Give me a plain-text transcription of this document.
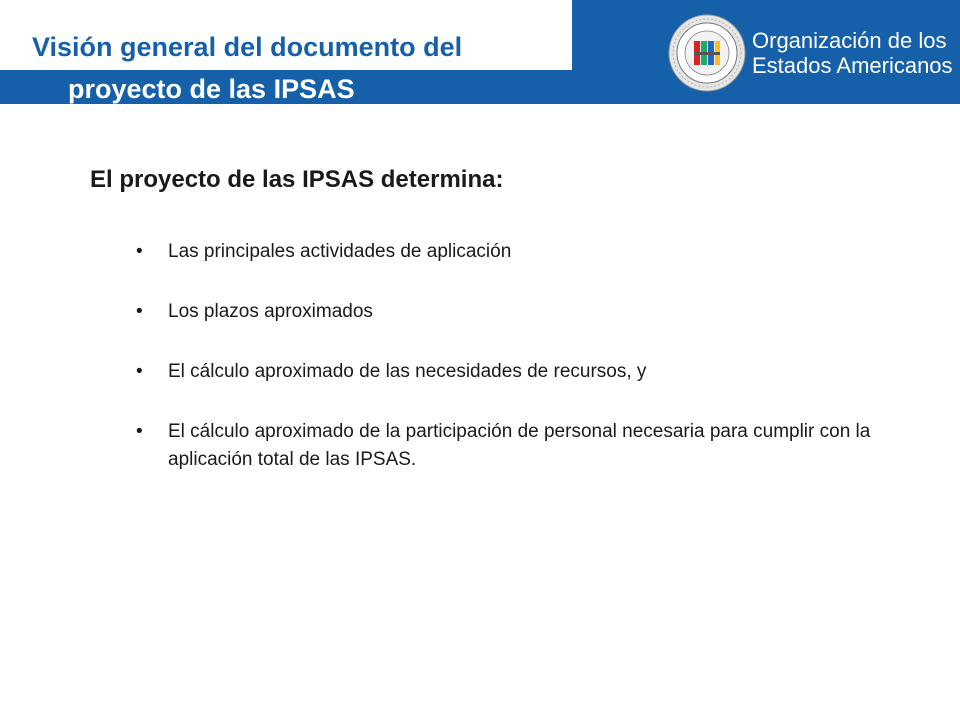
Visión general del documento del
proyecto de las IPSAS
Organización de los
Estados Americanos
El proyecto de las IPSAS determina:
• Las principales actividades de aplicación
• Los plazos aproximados
• El cálculo aproximado de las necesidades de recursos, y
• El cálculo aproximado de la participación de personal necesaria para cumplir con la aplicación total de las IPSAS.
